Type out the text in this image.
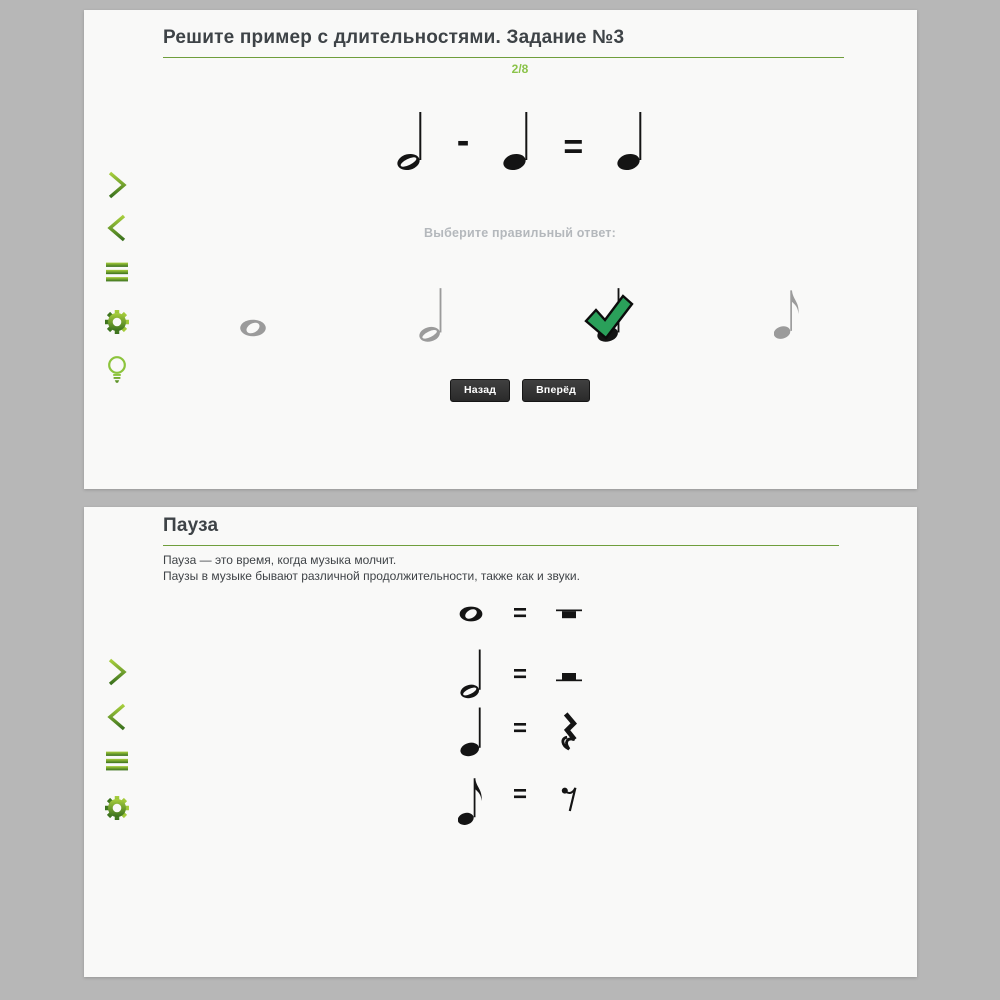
Решите пример с длительностями. Задание №3
2/8
-	=
Выберите правильный ответ:
Назад	Вперёд
Пауза

Пауза — это время, когда музыка молчит.
Паузы в музыке бывают различной продолжительности, также как и звуки.

=
=
=
=
